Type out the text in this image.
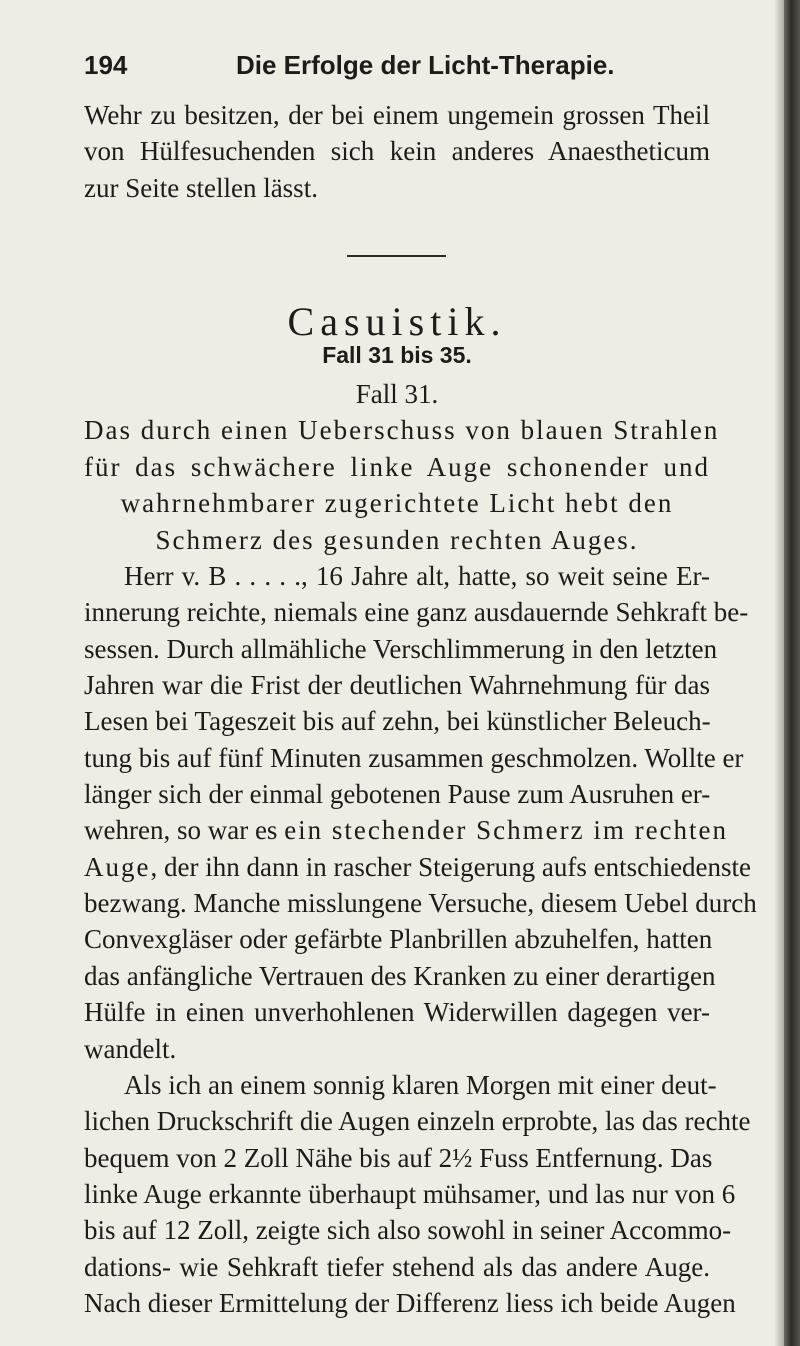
194	Die Erfolge der Licht-Therapie.
Wehr zu besitzen, der bei einem ungemein grossen Theil
von Hülfesuchenden sich kein anderes Anaestheticum
zur Seite stellen lässt.
Casuistik.
Fall 31 bis 35.
Fall 31.
Das durch einen Ueberschuss von blauen Strahlen
für das schwächere linke Auge schonender und
wahrnehmbarer zugerichtete Licht hebt den
Schmerz des gesunden rechten Auges.
Herr v. B . . . . ., 16 Jahre alt, hatte, so weit seine Er-
innerung reichte, niemals eine ganz ausdauernde Sehkraft be-
sessen. Durch allmähliche Verschlimmerung in den letzten
Jahren war die Frist der deutlichen Wahrnehmung für das
Lesen bei Tageszeit bis auf zehn, bei künstlicher Beleuch-
tung bis auf fünf Minuten zusammen geschmolzen. Wollte er
länger sich der einmal gebotenen Pause zum Ausruhen er-
wehren, so war es ein stechender Schmerz im rechten
Auge, der ihn dann in rascher Steigerung aufs entschiedenste
bezwang. Manche misslungene Versuche, diesem Uebel durch
Convexgläser oder gefärbte Planbrillen abzuhelfen, hatten
das anfängliche Vertrauen des Kranken zu einer derartigen
Hülfe in einen unverhohlenen Widerwillen dagegen ver-
wandelt.
Als ich an einem sonnig klaren Morgen mit einer deut-
lichen Druckschrift die Augen einzeln erprobte, las das rechte
bequem von 2 Zoll Nähe bis auf 2½ Fuss Entfernung. Das
linke Auge erkannte überhaupt mühsamer, und las nur von 6
bis auf 12 Zoll, zeigte sich also sowohl in seiner Accommo-
dations- wie Sehkraft tiefer stehend als das andere Auge.
Nach dieser Ermittelung der Differenz liess ich beide Augen
